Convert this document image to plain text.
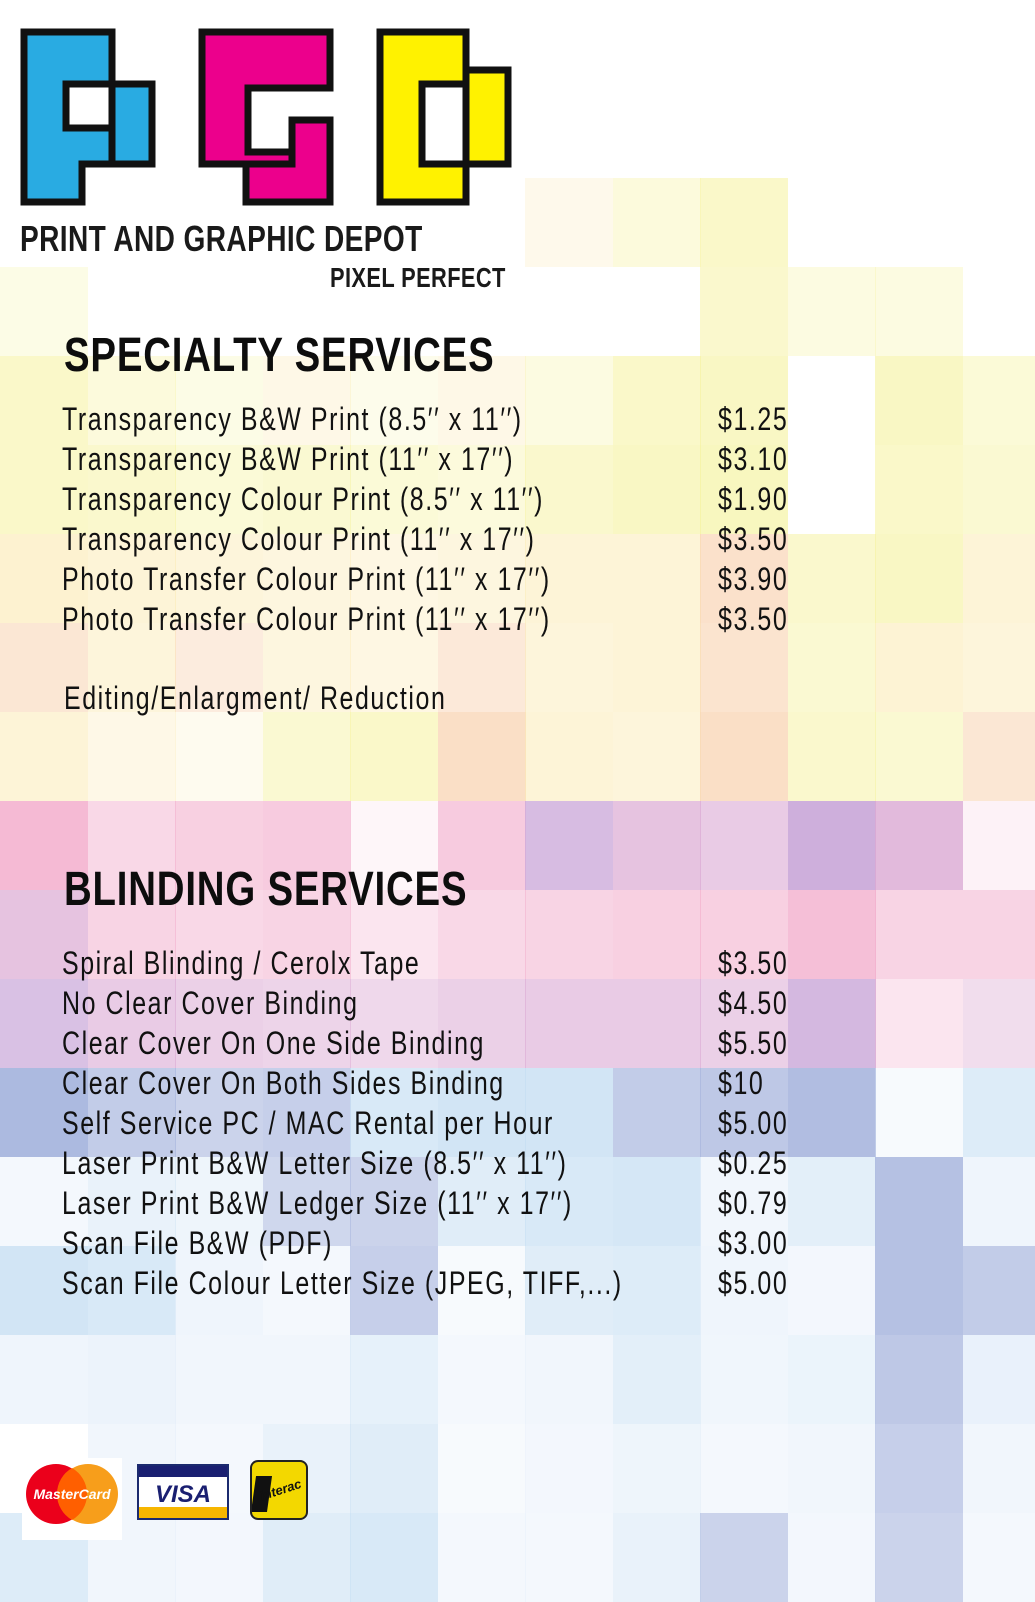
PRINT AND GRAPHIC DEPOT
PIXEL PERFECT
SPECIALTY SERVICES
Transparency B&W Print (8.5′′ x 11′′)	$1.25
Transparency B&W Print (11′′ x 17′′)	$3.10
Transparency Colour Print (8.5′′ x 11′′)	$1.90
Transparency Colour Print (11′′ x 17′′)	$3.50
Photo Transfer Colour Print (11′′ x 17′′)	$3.90
Photo Transfer Colour Print (11′′ x 17′′)	$3.50
Editing/Enlargment/ Reduction
BLINDING SERVICES
Spiral Blinding / Cerolx Tape	$3.50
No Clear Cover Binding	$4.50
Clear Cover On One Side Binding	$5.50
Clear Cover On Both Sides Binding	$10
Self Service PC / MAC Rental per Hour	$5.00
Laser Print B&W Letter Size (8.5′′ x 11′′)	$0.25
Laser Print B&W Ledger Size (11′′ x 17′′)	$0.79
Scan File B&W (PDF)	$3.00
Scan File Colour Letter Size (JPEG, TIFF,...)	$5.00
MasterCard VISA	Interac
